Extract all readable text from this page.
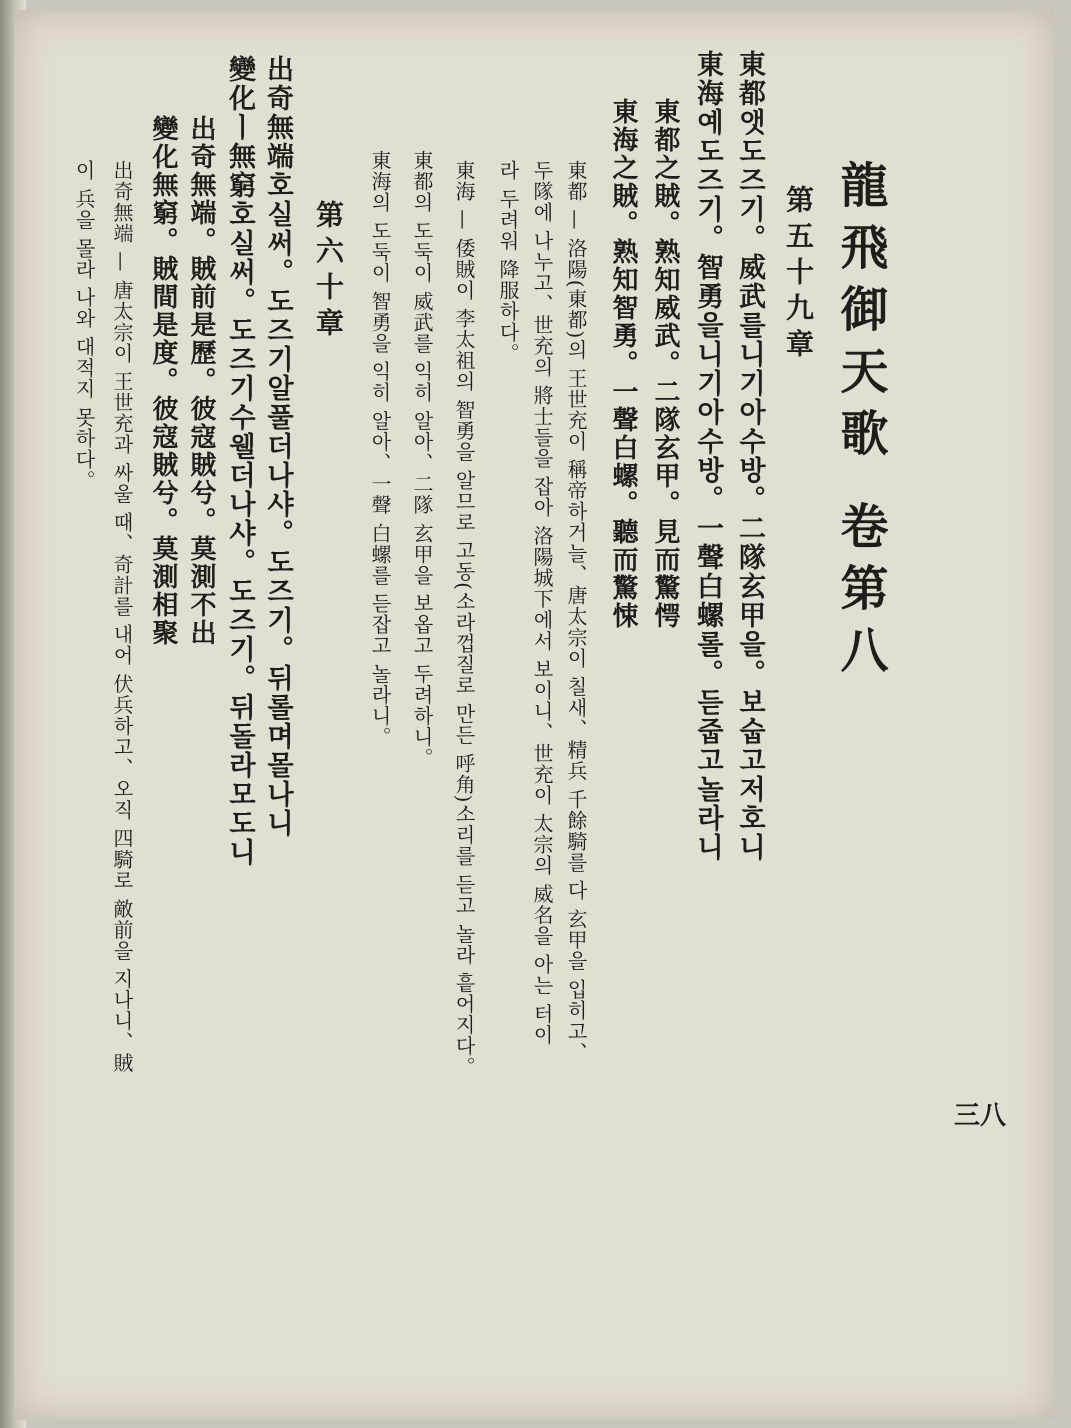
龍飛御天歌 卷第八
第五十九章
東都앳도즈기。威武를니기아수방。二隊玄甲을。보숩고저호니
東海예도즈기。智勇을니기아수방。一聲白螺롤。듣줍고놀라니
東都之賊。熟知威武。二隊玄甲。見而驚愕
東海之賊。熟知智勇。一聲白螺。聽而驚悚
東都 — 洛陽(東都)의 王世充이 稱帝하거늘、唐太宗이 칠새、精兵 千餘騎를 다 玄甲을 입히고、
두隊에 나누고、世充의 將士들을 잡아 洛陽城下에서 보이니、世充이 太宗의 威名을 아는 터이
라 두려워 降服하다。
東海 — 倭賊이 李太祖의 智勇을 알므로 고동(소라껍질로 만든 呼角)소리를 듣고 놀라 흩어지다。
東都의 도둑이 威武를 익히 알아、二隊 玄甲을 보옵고 두려하니。
東海의 도둑이 智勇을 익히 알아、一聲 白螺를 듣잡고 놀라니。
第六十章
出奇無端호실써。도즈기알풀더나샤。도즈기。뒤롤며몰나니
變化ㅣ無窮호실써。도즈기수웰더나샤。도즈기。뒤돌라모도니
出奇無端。賊前是歷。彼寇賊兮。莫測不出
變化無窮。賊間是度。彼寇賊兮。莫測相聚
出奇無端 — 唐太宗이 王世充과 싸울 때、奇計를 내어 伏兵하고、오직 四騎로 敵前을 지나니、賊
이 兵을 몰라 나와 대적지 못하다。
三八
